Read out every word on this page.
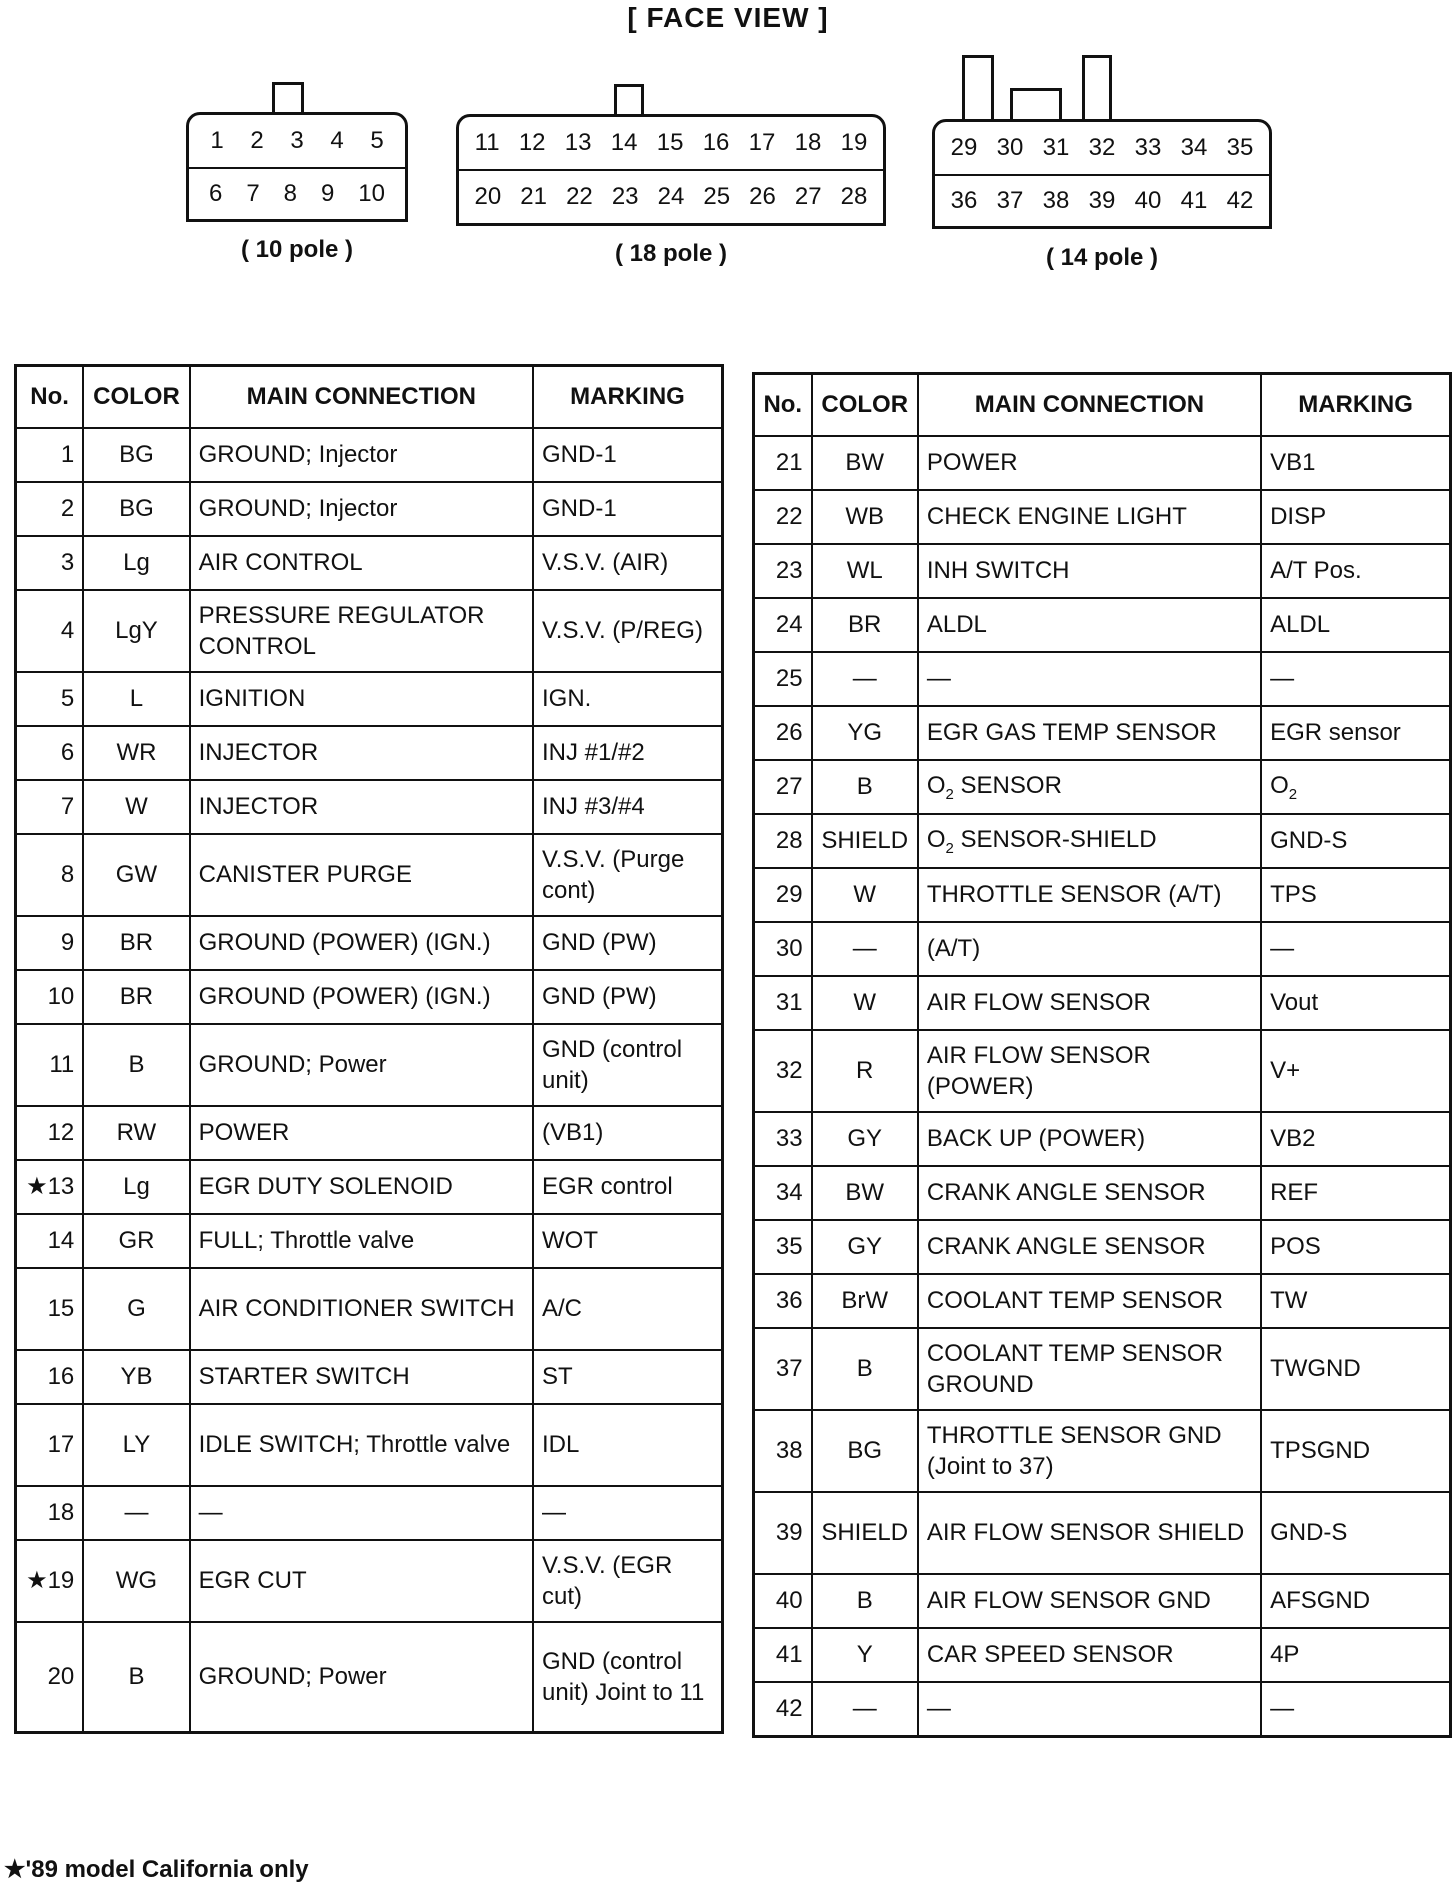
[ FACE VIEW ]
1 2 3 4 5
6 7 8 9 10
( 10 pole )
11 12 13 14 15 16 17 18 19
20 21 22 23 24 25 26 27 28
( 18 pole )
29 30 31 32 33 34 35
36 37 38 39 40 41 42
( 14 pole )
No.	COLOR	MAIN CONNECTION	MARKING
1	BG	GROUND; Injector	GND-1
2	BG	GROUND; Injector	GND-1
3	Lg	AIR CONTROL	V.S.V. (AIR)
4	LgY	PRESSURE REGULATOR CONTROL	V.S.V. (P/REG)
5	L	IGNITION	IGN.
6	WR	INJECTOR	INJ #1/#2
7	W	INJECTOR	INJ #3/#4
8	GW	CANISTER PURGE	V.S.V. (Purge cont)
9	BR	GROUND (POWER) (IGN.)	GND (PW)
10	BR	GROUND (POWER) (IGN.)	GND (PW)
11	B	GROUND; Power	GND (control unit)
12	RW	POWER	(VB1)
★13	Lg	EGR DUTY SOLENOID	EGR control
14	GR	FULL; Throttle valve	WOT
15	G	AIR CONDITIONER SWITCH	A/C
16	YB	STARTER SWITCH	ST
17	LY	IDLE SWITCH; Throttle valve	IDL
18	—	—	—
★19	WG	EGR CUT	V.S.V. (EGR cut)
20	B	GROUND; Power	GND (control unit) Joint to 11
No.	COLOR	MAIN CONNECTION	MARKING
21	BW	POWER	VB1
22	WB	CHECK ENGINE LIGHT	DISP
23	WL	INH SWITCH	A/T Pos.
24	BR	ALDL	ALDL
25	—	—	—
26	YG	EGR GAS TEMP SENSOR	EGR sensor
27	B	$O_2$ SENSOR	$O_2$
28	SHIELD	$O_2$ SENSOR-SHIELD	GND-S
29	W	THROTTLE SENSOR (A/T)	TPS
30	—	(A/T)	—
31	W	AIR FLOW SENSOR	Vout
32	R	AIR FLOW SENSOR (POWER)	V+
33	GY	BACK UP (POWER)	VB2
34	BW	CRANK ANGLE SENSOR	REF
35	GY	CRANK ANGLE SENSOR	POS
36	BrW	COOLANT TEMP SENSOR	TW
37	B	COOLANT TEMP SENSOR GROUND	TWGND
38	BG	THROTTLE SENSOR GND (Joint to 37)	TPSGND
39	SHIELD	AIR FLOW SENSOR SHIELD	GND-S
40	B	AIR FLOW SENSOR GND	AFSGND
41	Y	CAR SPEED SENSOR	4P
42	—	—	—
★'89 model California only
